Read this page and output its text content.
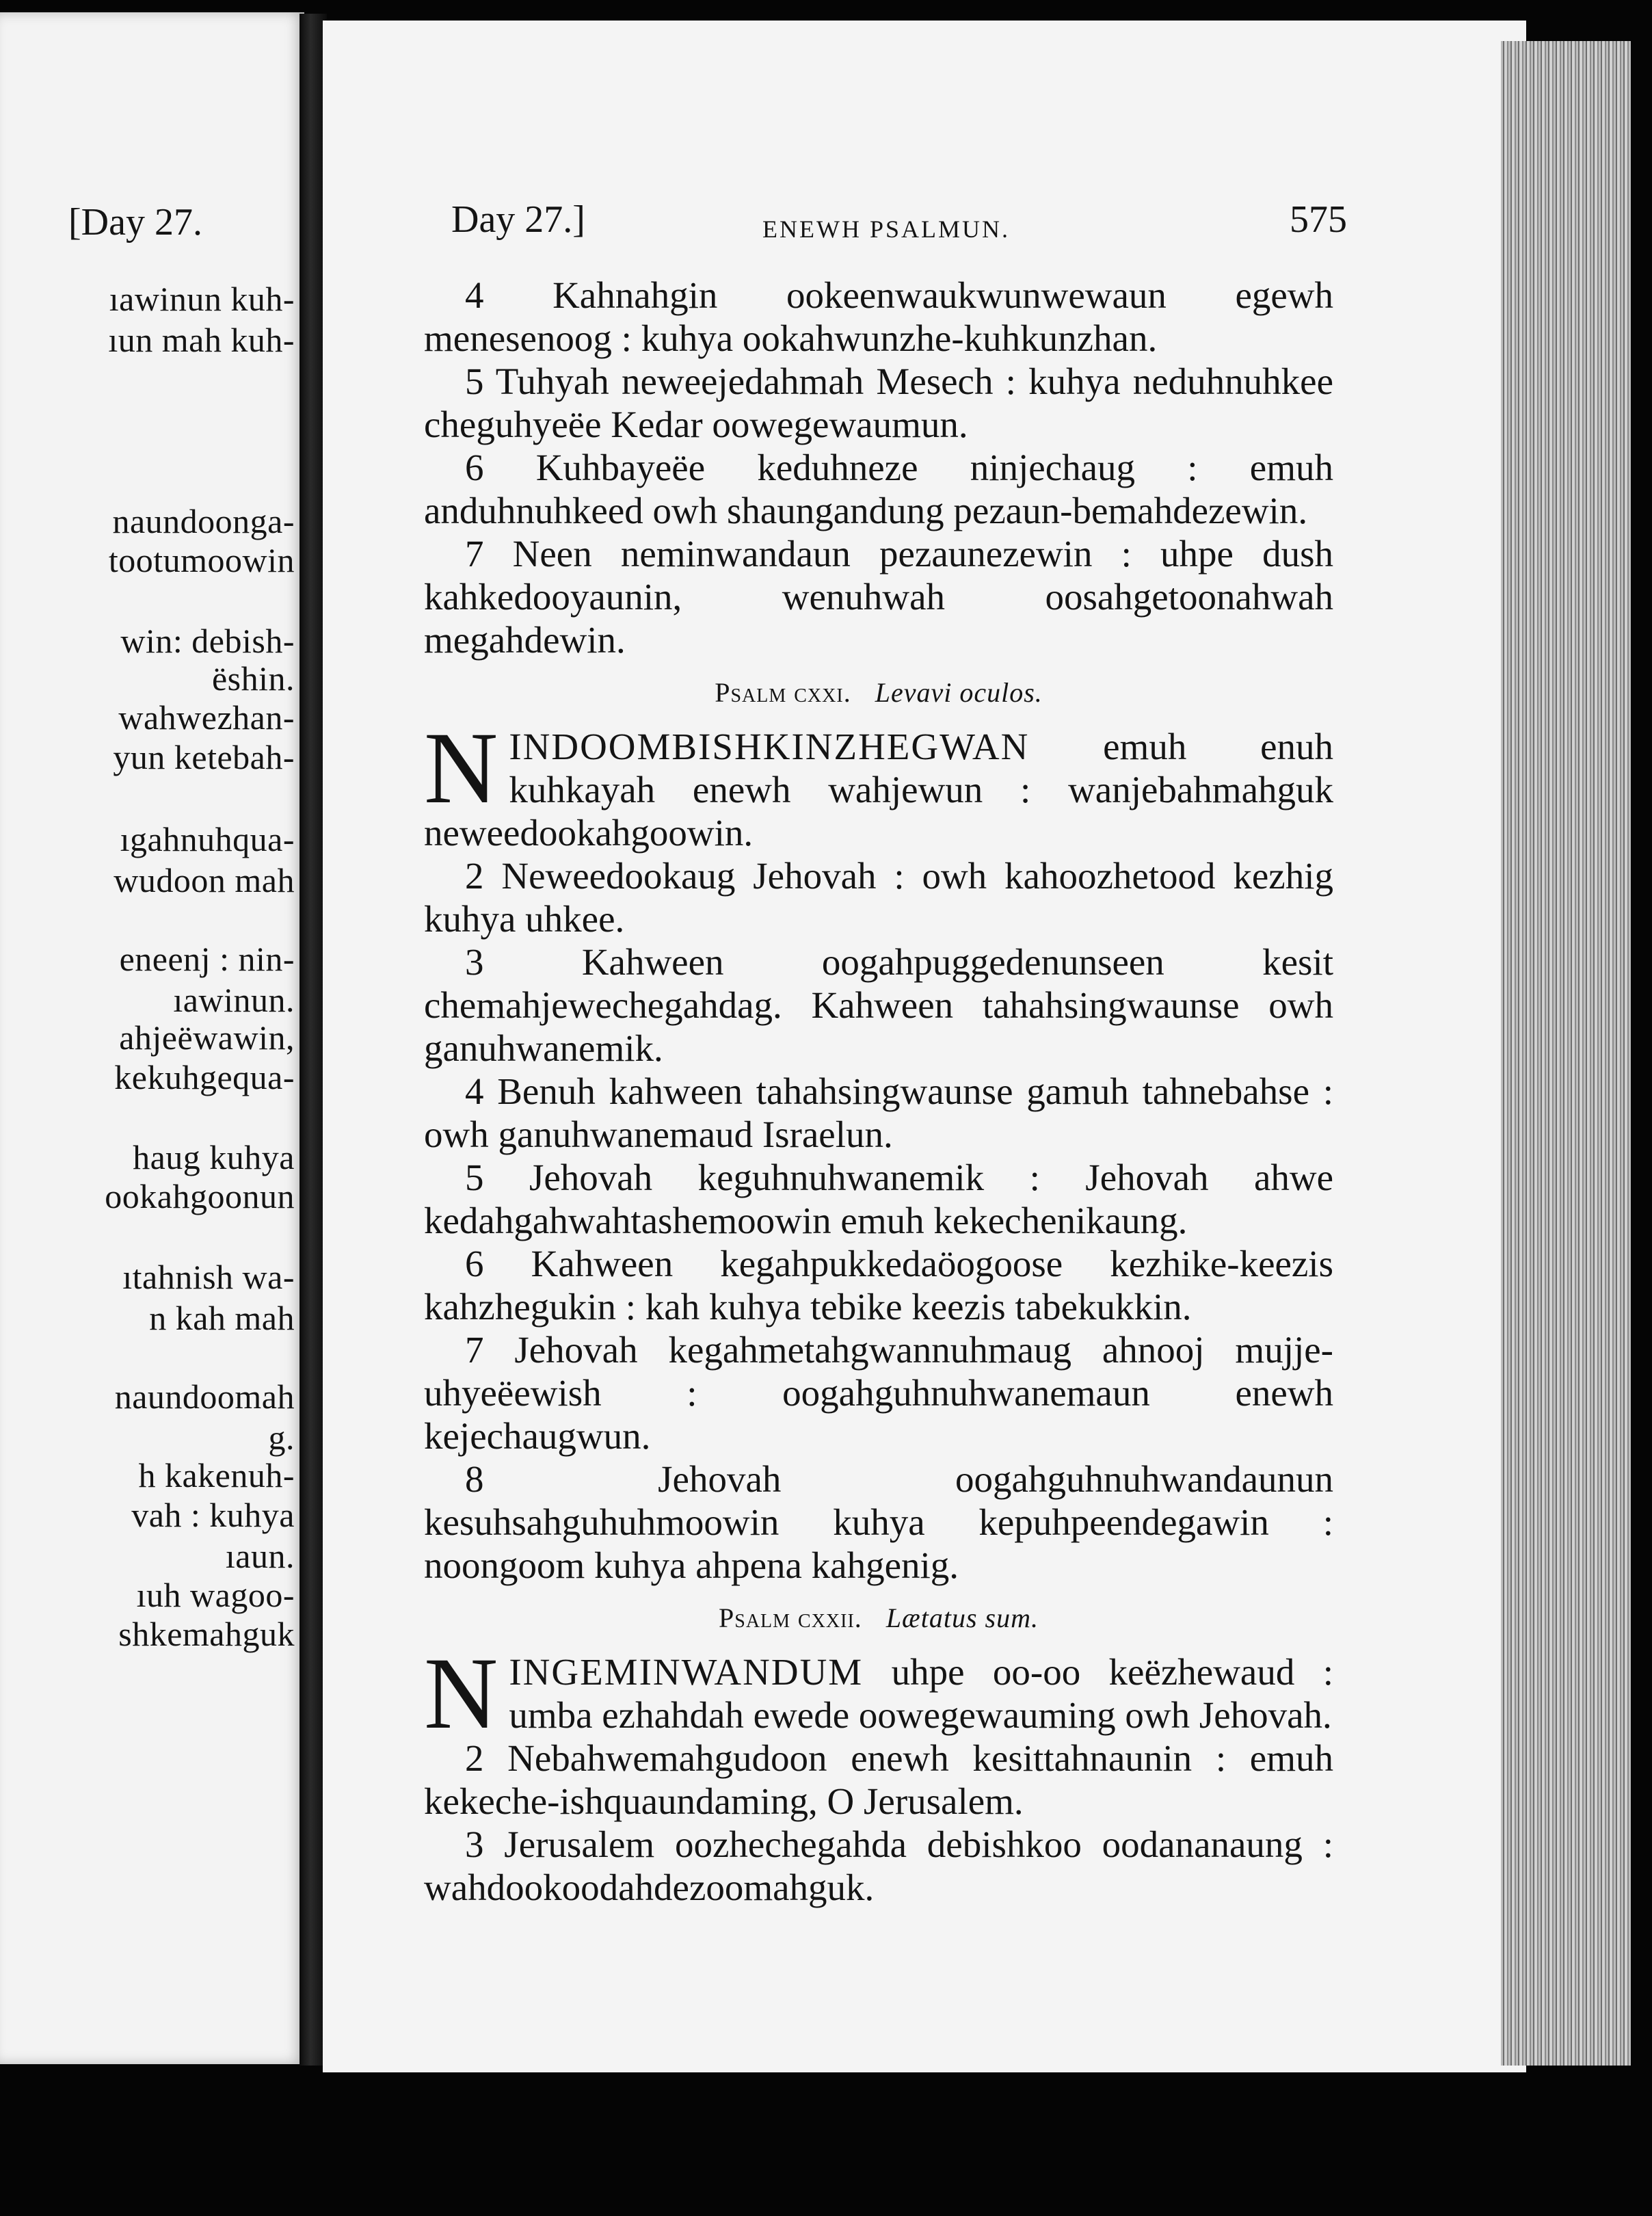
[Day 27.
ıawinun kuh-
ıun mah kuh-
naundoonga-
tootumoowin
win: debish-
ëshin.
wahwezhan-
yun ketebah-
ıgahnuhqua-
wudoon mah
eneenj : nin-
ıawinun.
ahjeëwawin,
kekuhgequa-
haug kuhya
ookahgoonun
ıtahnish wa-
n kah mah
naundoomah
g.
h kakenuh-
vah : kuhya
ıaun.
ıuh wagoo-
shkemahguk
Day 27.]	ENEWH PSALMUN.	575

4 Kahnahgin ookeenwaukwunwewaun egewh menesenoog : kuhya ookahwunzhe-kuhkunzhan.

5 Tuhyah neweejedahmah Mesech : kuhya neduhnuhkee cheguhyeëe Kedar oowegewaumun.

6 Kuhbayeëe keduhneze ninjechaug : emuh anduhnuhkeed owh shaungandung pezaun-bemahdezewin.

7 Neen neminwandaun pezaunezewin : uhpe dush kahkedooyaunin, wenuhwah oosahgetoonahwah megahdewin.

Psalm cxxi. Levavi oculos.

NINDOOMBISHKINZHEGWAN emuh enuh kuhkayah enewh wahjewun : wanjebahmahguk neweedookahgoowin.

2 Neweedookaug Jehovah : owh kahoozhetood kezhig kuhya uhkee.

3 Kahween oogahpuggedenunseen kesit chemahjewechegahdag. Kahween tahahsingwaunse owh ganuhwanemik.

4 Benuh kahween tahahsingwaunse gamuh tahnebahse : owh ganuhwanemaud Israelun.

5 Jehovah keguhnuhwanemik : Jehovah ahwe kedahgahwahtashemoowin emuh kekechenikaung.

6 Kahween kegahpukkedaöogoose kezhike-keezis kahzhegukin : kah kuhya tebike keezis tabekukkin.

7 Jehovah kegahmetahgwannuhmaug ahnooj mujje-uhyeëewish : oogahguhnuhwanemaun enewh kejechaugwun.

8 Jehovah oogahguhnuhwandaunun kesuhsahguhuhmoowin kuhya kepuhpeendegawin : noongoom kuhya ahpena kahgenig.

Psalm cxxii. Lætatus sum.

NINGEMINWANDUM uhpe oo-oo keëzhewaud : umba ezhahdah ewede oowegewauming owh Jehovah.

2 Nebahwemahgudoon enewh kesittahnaunin : emuh kekeche-ishquaundaming, O Jerusalem.

3 Jerusalem oozhechegahda debishkoo oodananaung : wahdookoodahdezoomahguk.
